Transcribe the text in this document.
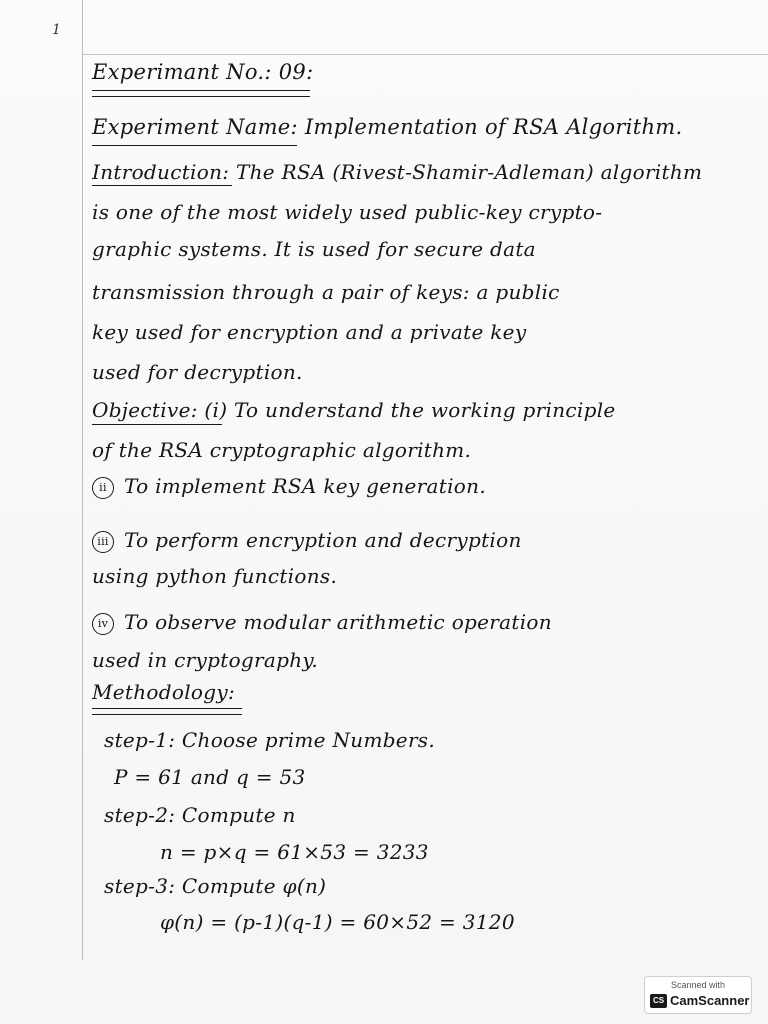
1
Experimant No.: 09:
Experiment Name: Implementation of RSA Algorithm.
Introduction: The RSA (Rivest-Shamir-Adleman) algorithm
is one of the most widely used public-key crypto-
graphic systems. It is used for secure data
transmission through a pair of keys: a public
key used for encryption and a private key
used for decryption.
Objective: (i) To understand the working principle
of the RSA cryptographic algorithm.
ii To implement RSA key generation.
iii To perform encryption and decryption
using python functions.
iv To observe modular arithmetic operation
used in cryptography.
Methodology:
step-1: Choose prime Numbers.
P = 61 and q = 53
step-2: Compute n
n = p×q = 61×53 = 3233
step-3: Compute φ(n)
φ(n) = (p-1)(q-1) = 60×52 = 3120
Scanned with
CS CamScanner
